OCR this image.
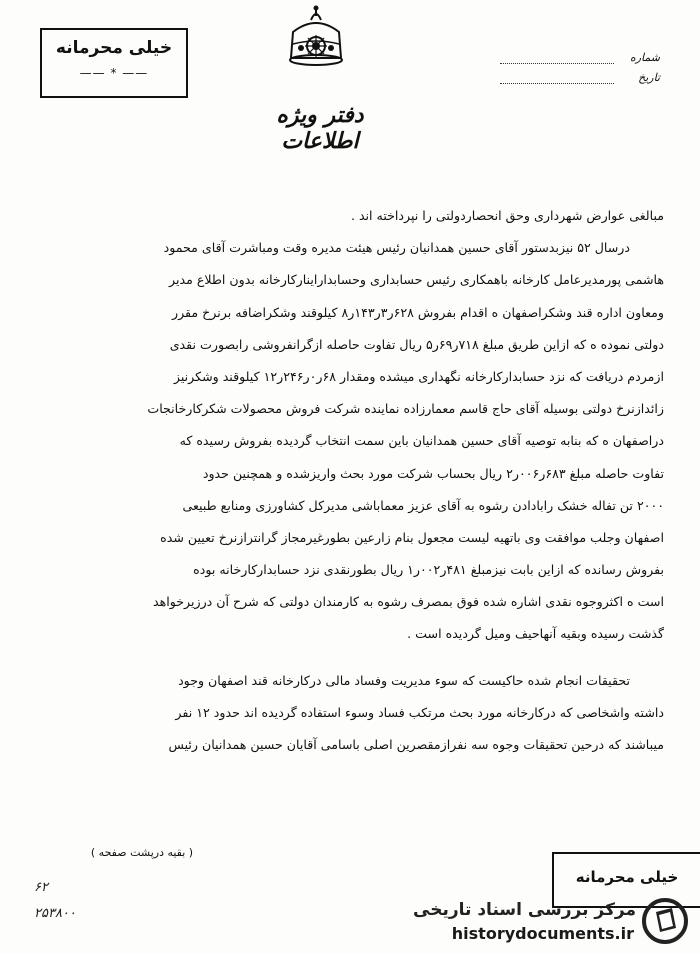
خیلی محرمانه
—— * ——
شماره
تاریخ
دفتر ویژه اطلاعات
مبالغی عوارض شهرداری وحق انحصاردولتی را نپرداخته اند .
درسال ۵۲ نیزبدستور آقای حسین همدانیان رئیس هیئت مدیره وقت ومباشرت آقای محمود
هاشمی پورمدیرعامل کارخانه باهمکاری رئیس حسابداری وحسابداراینارکارخانه بدون اطلاع مدیر
ومعاون اداره قند وشکراصفهان ه اقدام بفروش ۶۲۸ر۳ر۱۴۳ر۸ کیلوقند وشکراضافه برنرخ مقرر
دولتی نموده ه که ازاین طریق مبلغ ۷۱۸ر۶۹ر۵ ریال تفاوت حاصله ازگرانفروشی رابصورت نقدی
ازمردم دریافت که نزد حسابدارکارخانه نگهداری میشده ومقدار ۶۸ر۰ر۲۴۶ر۱۲ کیلوقند وشکرنیز
زائدازنرخ دولتی بوسیله آقای حاج قاسم معمارزاده نماینده شرکت فروش محصولات شکرکارخانجات
دراصفهان ه که بنابه توصیه آقای حسین همدانیان باین سمت انتخاب گردیده بفروش رسیده که
تفاوت حاصله مبلغ ۶۸۳ر۰۰۶ر۲ ریال بحساب شرکت مورد بحث واریزشده و همچنین حدود
۲۰۰۰ تن تفاله خشک رابادادن رشوه به آقای عزیز معماباشی مدیرکل کشاورزی ومنابع طبیعی
اصفهان وجلب موافقت وی باتهیه لیست مجعول بنام زارعین بطورغیرمجاز گرانترازنرخ تعیین شده
بفروش رسانده که ازاین بابت نیزمبلغ ۴۸۱ر۰۰۲ر۱ ریال بطورنقدی نزد حسابدارکارخانه بوده
است ه اکثروجوه نقدی اشاره شده فوق بمصرف رشوه به کارمندان دولتی که شرح آن درزیرخواهد
گذشت رسیده وبقیه آنهاحیف ومیل گردیده است .
تحقیقات انجام شده حاکیست که سوء مدیریت وفساد مالی درکارخانه قند اصفهان وجود
داشته واشخاصی که درکارخانه مورد بحث مرتکب فساد وسوء استفاده گردیده اند حدود ۱۲ نفر
میباشند که درحین تحقیقات وجوه سه نفرازمقصرین اصلی باسامی آقایان حسین همدانیان رئیس
( بقیه درپشت صفحه )
خیلی محرمانه
۶۲
۲۵۳۸۰۰	مرکز بررسی اسناد تاریخی
historydocuments.ir
